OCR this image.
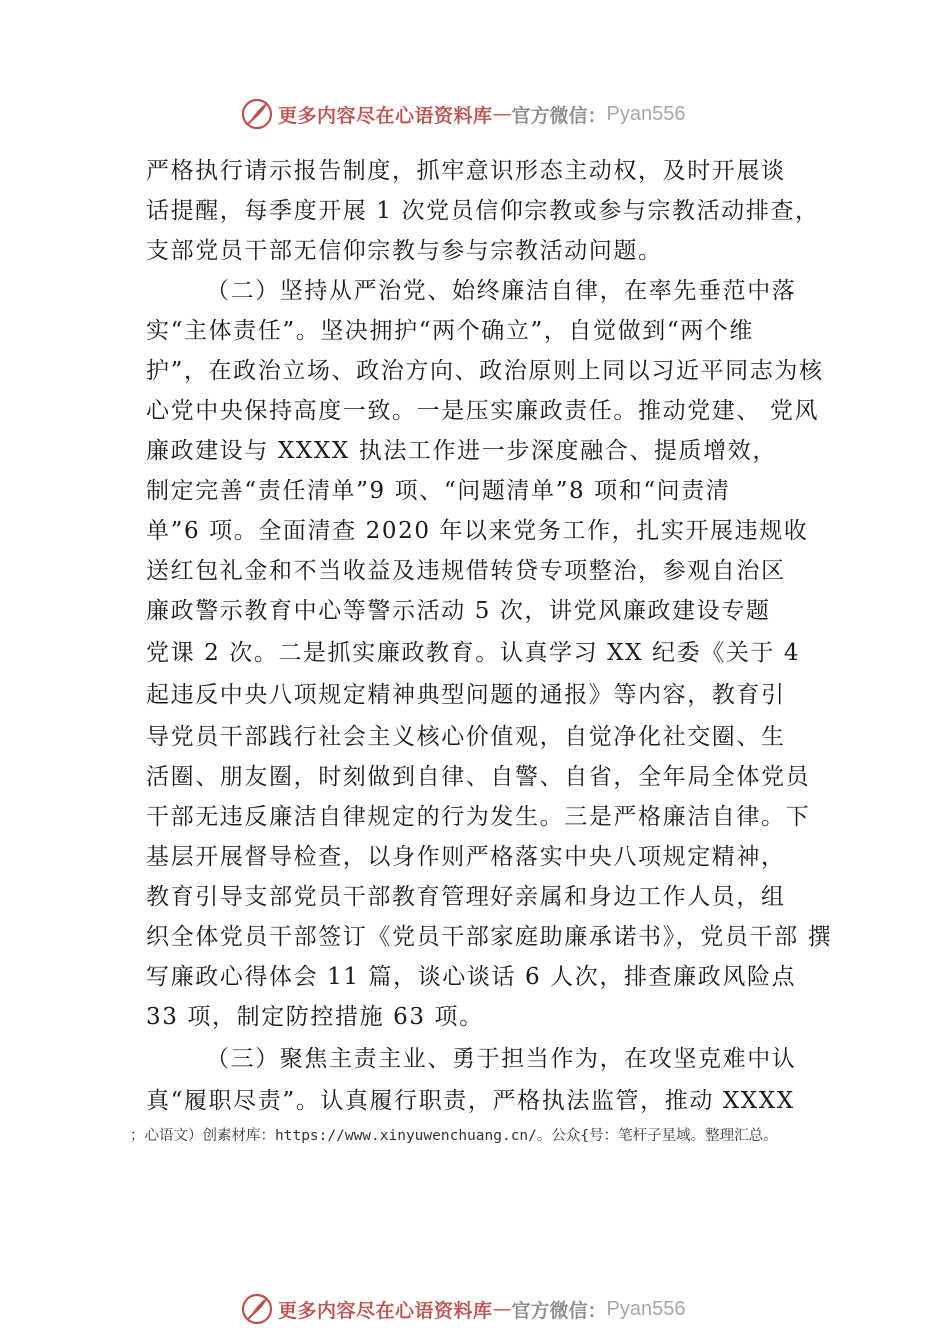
更多内容尽在心语资料库 — 官方微信： Pyan556

严格执行请示报告制度，抓牢意识形态主动权，及时开展谈

话提醒，每季度开展 1 次党员信仰宗教或参与宗教活动排查，

支部党员干部无信仰宗教与参与宗教活动问题。

（二）坚持从严治党、始终廉洁自律，在率先垂范中落

实“主体责任”。坚决拥护“两个确立”，自觉做到“两个维

护”，在政治立场、政治方向、政治原则上同以习近平同志为核

心党中央保持高度一致。一是压实廉政责任。推动党建、 党风

廉政建设与 XXXX 执法工作进一步深度融合、提质增效，

制定完善“责任清单”9 项、“问题清单”8 项和“问责清

单”6 项。全面清查 2020 年以来党务工作，扎实开展违规收

送红包礼金和不当收益及违规借转贷专项整治，参观自治区

廉政警示教育中心等警示活动 5 次，讲党风廉政建设专题

党课 2 次。二是抓实廉政教育。认真学习 XX 纪委《关于 4

起违反中央八项规定精神典型问题的通报》等内容，教育引

导党员干部践行社会主义核心价值观，自觉净化社交圈、生

活圈、朋友圈，时刻做到自律、自警、自省，全年局全体党员

干部无违反廉洁自律规定的行为发生。三是严格廉洁自律。下

基层开展督导检查，以身作则严格落实中央八项规定精神，

教育引导支部党员干部教育管理好亲属和身边工作人员，组

织全体党员干部签订《党员干部家庭助廉承诺书》，党员干部 撰

写廉政心得体会 11 篇，谈心谈话 6 人次，排查廉政风险点

33 项，制定防控措施 63 项。

（三）聚焦主责主业、勇于担当作为，在攻坚克难中认

真“履职尽责”。认真履行职责，严格执法监管，推动 XXXX

；心语文）创素材库：https://www.xinyuwenchuang.cn/。公众{号：笔杆子星域。整理汇总。

更多内容尽在心语资料库 — 官方微信： Pyan556
